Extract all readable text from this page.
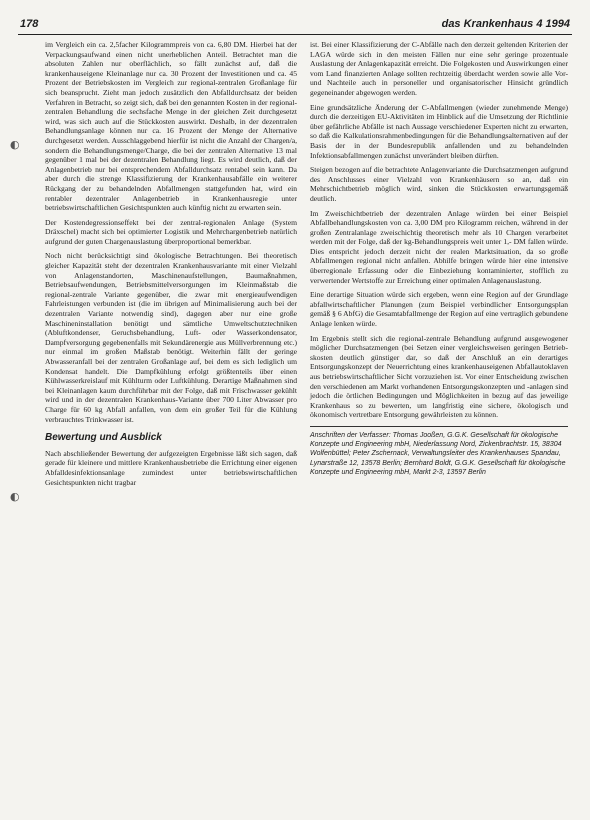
178	das Krankenhaus 4 1994
◐
◐

im Vergleich ein ca. 2,5facher Kilogrammpreis von ca. 6,80 DM. Hierbei hat der Verpackungsaufwand einen nicht unerheblichen Anteil. Betrachtet man die absoluten Zahlen nur oberflächlich, so fällt zunächst auf, daß die krankenhauseigene Kleinanlage nur ca. 30 Prozent der Investitionen und ca. 45 Prozent der Betriebskosten im Vergleich zur regional-zentralen Großanlage für sich beansprucht. Zieht man jedoch zusätzlich den Abfalldurchsatz der beiden Verfahren in Betracht, so zeigt sich, daß bei den genannten Kosten in der regional-zentralen Behandlung die sechsfache Menge in der gleichen Zeit durchgesetzt wird, was sich auch auf die Stückkosten auswirkt. Deshalb, in der dezentralen Behandlungsanlage können nur ca. 16 Prozent der Menge der Alternative durchgesetzt werden. Ausschlaggebend hierfür ist nicht die Anzahl der Chargen/a, sondern die Behandlungsmenge/Charge, die bei der zentralen Alternative 13 mal gegenüber 1 mal bei der dezentralen Behandlung liegt. Es wird deutlich, daß der Anlagenbetrieb nur bei entsprechendem Abfalldurchsatz rentabel sein kann. Da aber durch die strenge Klassifizierung der Krankenhausabfälle ein weiterer Rückgang der zu behandelnden Abfallmengen stattgefunden hat, wird ein rentabler dezentraler Anlagenbetrieb in Krankenhausregie unter betriebswirtschaftlichen Gesichtspunkten auch künftig nicht zu erwarten sein.

Der Kostendegressionseffekt bei der zentral-regionalen Anlage (System Dräxschel) macht sich bei optimierter Logistik und Mehrchargenbetrieb natürlich aufgrund der guten Chargenauslastung überproportional bemerkbar.

Noch nicht berücksichtigt sind ökologische Betrachtungen. Bei theoretisch gleicher Kapazität steht der dezentralen Krankenhausvariante mit einer Vielzahl von Anlagenstandorten, Maschinenaufstellungen, Baumaßnahmen, Betriebsaufwendungen, Betriebsmittelversorgungen im Kleinmaßstab die regional-zentrale Variante gegenüber, die zwar mit energieaufwendigen Fahrleistungen verbunden ist (die im übrigen auf Minimalisierung auch bei der dezentralen Variante notwendig sind), dagegen aber nur eine große Maschineninstallation benötigt und sämtliche Umweltschutztechniken (Abluftkondenser, Geruchsbehandlung, Luft- oder Wasserkondensator, Dampfversorgung gegebenenfalls mit Sekundärenergie aus Müllverbrennung etc.) nur einmal im großen Maßstab benötigt. Weiterhin fällt der geringe Abwasseranfall bei der zentralen Großanlage auf, bei dem es sich lediglich um Kondensat handelt. Die Dampfkühlung erfolgt größtenteils über einen Kühlwasserkreislauf mit Kühlturm oder Luftkühlung. Derartige Maßnahmen sind bei Kleinanlagen kaum durchführbar mit der Folge, daß mit Frischwasser gekühlt wird und in der dezentralen Krankenhaus-Variante über 700 Liter Abwasser pro Charge für 60 kg Abfall anfallen, von dem ein großer Teil für die Kühlung verbrauchtes Trinkwasser ist.

Bewertung und Ausblick

Nach abschließender Bewertung der aufgezeigten Ergebnisse läßt sich sagen, daß gerade für kleinere und mittlere Krankenhausbetriebe die Errichtung einer eigenen Abfalldesinfektionsanlage zumindest unter betriebswirtschaftlichen Gesichtspunkten nicht tragbar

ist. Bei einer Klassifizierung der C-Abfälle nach den derzeit geltenden Kriterien der LAGA würde sich in den meisten Fällen nur eine sehr geringe prozentuale Auslastung der Anlagenkapazität erreicht. Die Folgekosten und Auswirkungen einer vom Land finanzierten Anlage sollten rechtzeitig überdacht werden sowie alle Vor- und Nachteile auch in personeller und organisatorischer Hinsicht gründlich gegeneinander abgewogen werden.

Eine grundsätzliche Änderung der C-Abfallmengen (wieder zunehmende Menge) durch die derzeitigen EU-Aktivitäten im Hinblick auf die Umsetzung der Richtlinie über gefährliche Abfälle ist nach Aussage verschiedener Experten nicht zu erwarten, so daß die Kalkulationsrahmenbedingungen für die Behandlungsalternativen auf der Basis der in der Bundesrepublik anfallenden und zu behandelnden Infektionsabfallmengen zunächst unverändert bleiben dürften.

Steigen bezogen auf die betrachtete Anlagenvariante die Durchsatzmengen aufgrund des Anschlusses einer Vielzahl von Krankenhäusern so an, daß ein Mehrschichtbetrieb möglich wird, sinken die Stückkosten erwartungsgemäß deutlich.

Im Zweischichtbetrieb der dezentralen Anlage würden bei einer Beispiel Abfallbehandlungskosten von ca. 3,00 DM pro Kilogramm reichen, während in der großen Zentralanlage zweischichtig theoretisch mehr als 10 Chargen verarbeitet werden mit der Folge, daß der kg-Behandlungspreis weit unter 1,- DM fallen würde. Dies entspricht jedoch derzeit nicht der realen Marktsituation, da so große Abfallmengen regional nicht anfallen. Abhilfe bringen würde hier eine intensive überregionale Erfassung oder die Einbeziehung kontaminierter, stofflich zu verwertender Wertstoffe zur Erreichung einer optimalen Anlagenauslastung.

Eine derartige Situation würde sich ergeben, wenn eine Region auf der Grundlage abfallwirtschaftlicher Planungen (zum Beispiel verbindlicher Entsorgungsplan gemäß § 6 AbfG) die Gesamtabfallmenge der Region auf eine vertraglich gebundene Anlage lenken würde.

Im Ergebnis stellt sich die regional-zentrale Behandlung aufgrund ausgewogener möglicher Durchsatzmengen (bei Setzen einer vergleichsweisen geringen Betrieb-skosten deutlich günstiger dar, so daß der Anschluß an ein derartiges Entsorgungskonzept der Neuerrichtung eines krankenhauseigenen Abfallautoklaven aus betriebswirtschaftlicher Sicht vorzuziehen ist. Vor einer Entscheidung zwischen den verschiedenen am Markt vorhandenen Entsorgungskonzepten und -anlagen sind jedoch die örtlichen Bedingungen und Möglichkeiten in bezug auf das jeweilige Krankenhaus so zu bewerten, um langfristig eine sichere, ökologisch und ökonomisch vertretbare Entsorgung gewährleisten zu können.

Anschriften der Verfasser: Thomas Jooßen, G.G.K. Gesellschaft für ökologische Konzepte und Engineering mbH, Niederlassung Nord, Zickenbrachtstr. 15, 38304 Wolfenbüttel; Peter Zschernack, Verwaltungsleiter des Krankenhauses Spandau, Lynarstraße 12, 13578 Berlin; Bernhard Boldt, G.G.K. Gesellschaft für ökologische Konzepte und Engineering mbH, Markt 2-3, 13597 Berlin
